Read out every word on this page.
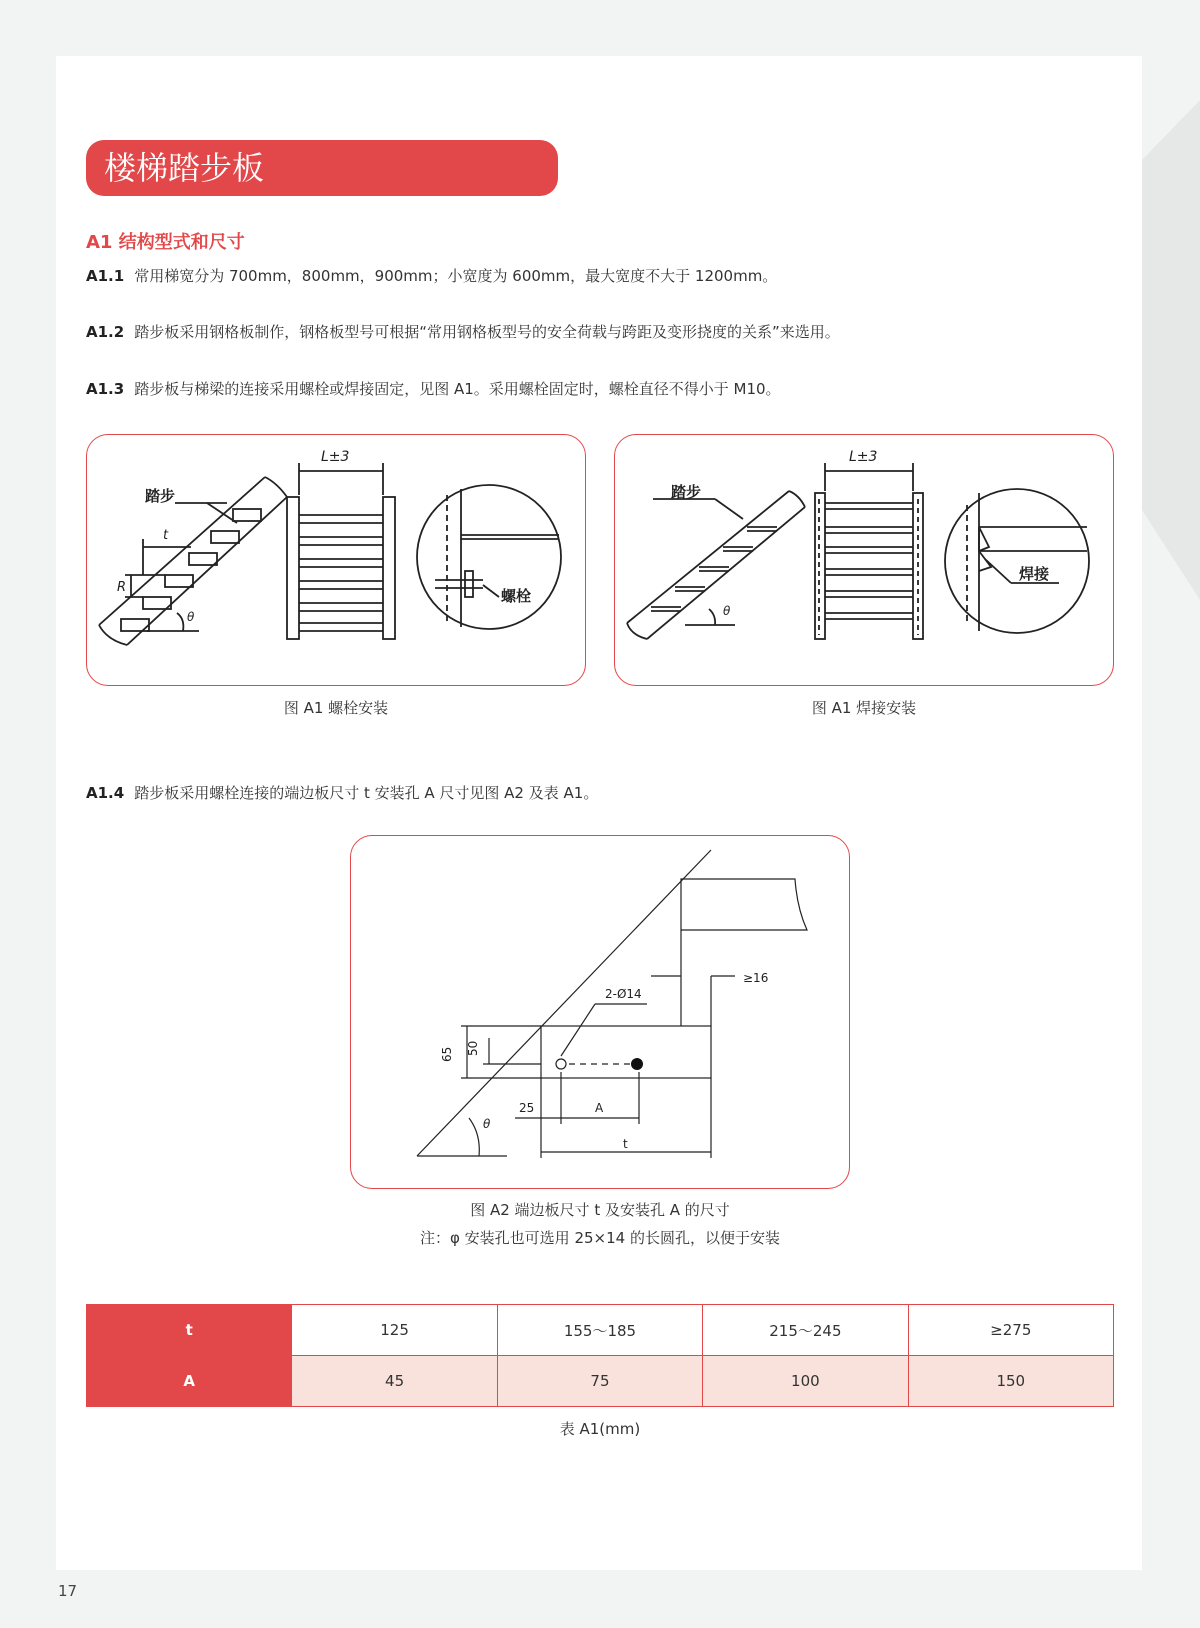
楼梯踏步板
A1 结构型式和尺寸
A1.1 常用梯宽分为 700mm，800mm，900mm；小宽度为 600mm，最大宽度不大于 1200mm。
A1.2 踏步板采用钢格板制作，钢格板型号可根据“常用钢格板型号的安全荷载与跨距及变形挠度的关系”来选用。
A1.3 踏步板与梯梁的连接采用螺栓或焊接固定，见图 A1。采用螺栓固定时，螺栓直径不得小于 M10。
踏步
L±3
t
R
θ
螺栓
图 A1 螺栓安装
踏步
L±3
θ
焊接
图 A1 焊接安装
A1.4 踏步板采用螺栓连接的端边板尺寸 t 安装孔 A 尺寸见图 A2 及表 A1。
≥16
2-Ø14
65 50
25	A
t
θ
图 A2 端边板尺寸 t 及安装孔 A 的尺寸
注：φ 安装孔也可选用 25×14 的长圆孔，以便于安装
t	125	155～185	215～245	≥275
A	45	75	100	150
表 A1(mm)
17
